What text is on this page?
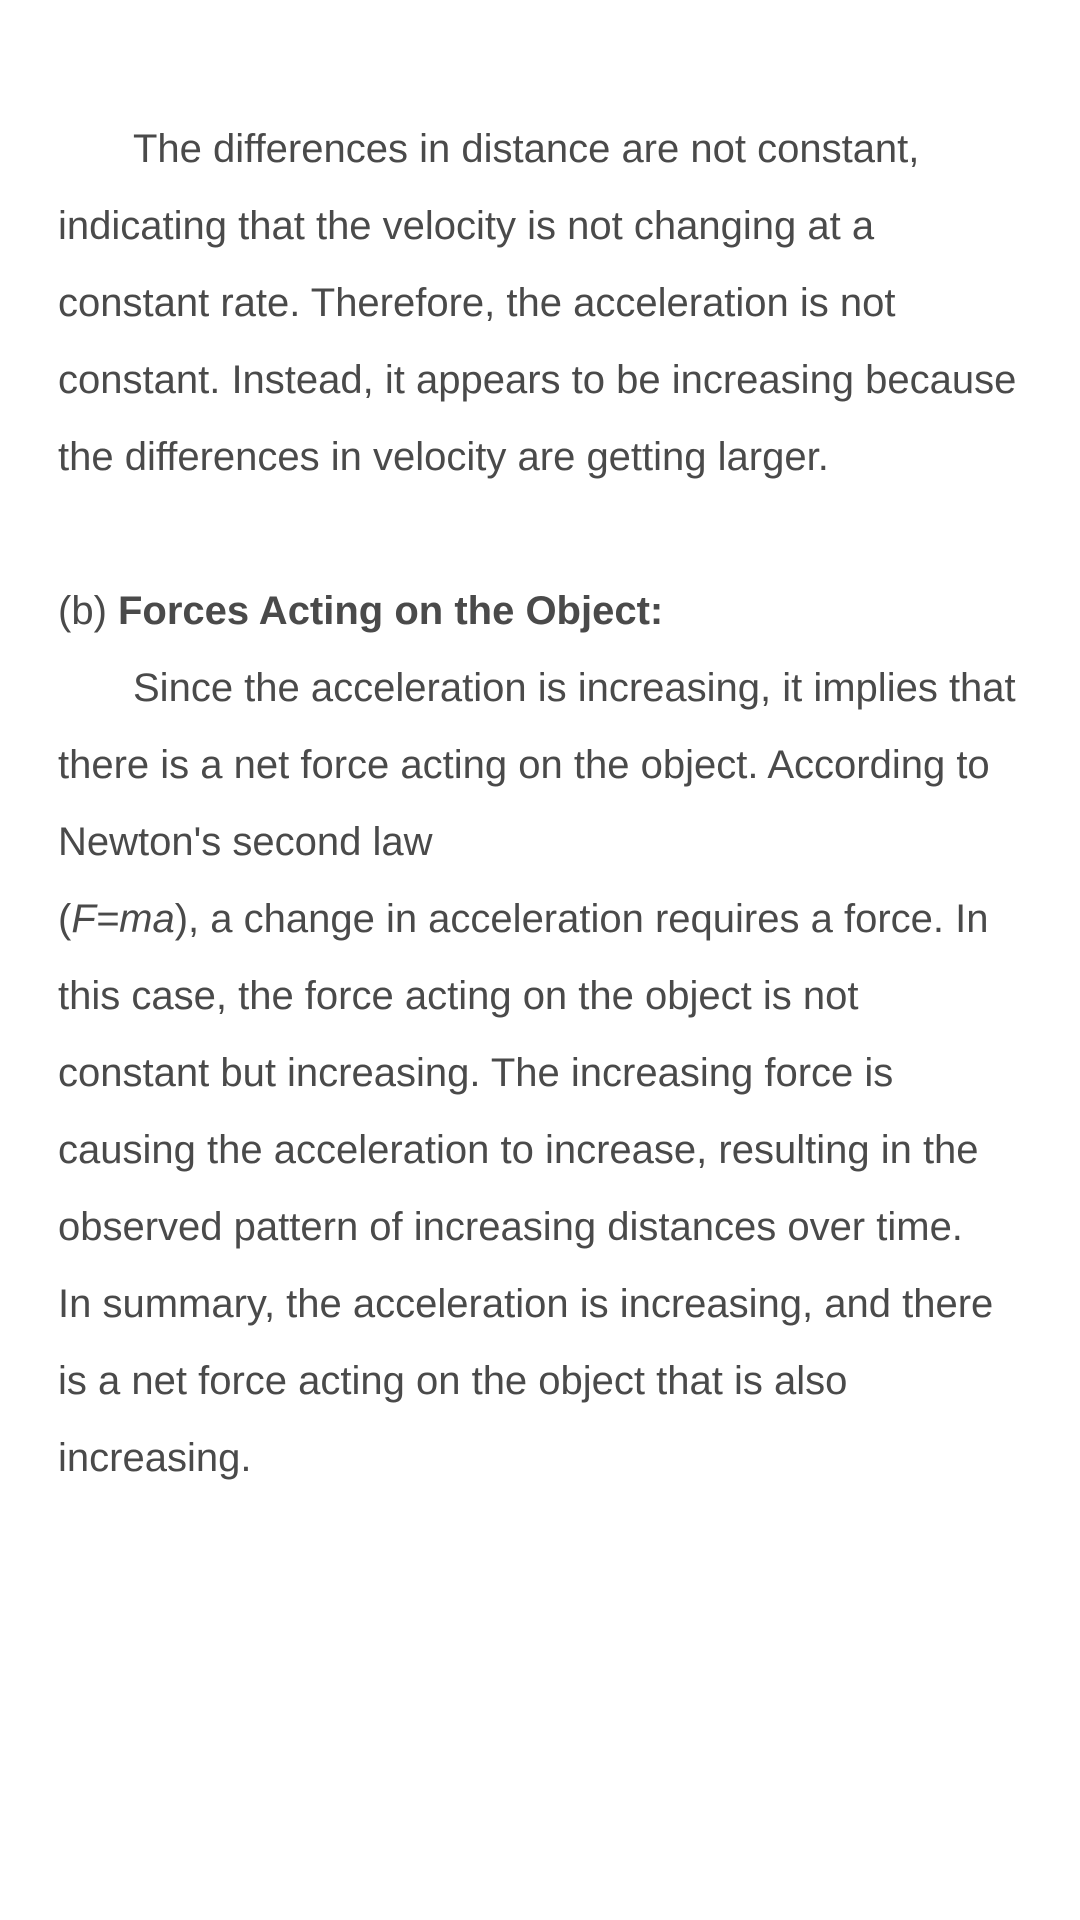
The differences in distance are not constant, indicating that the velocity is not changing at a constant rate. Therefore, the acceleration is not constant. Instead, it appears to be increasing because the differences in velocity are getting larger.

(b) Forces Acting on the Object:

Since the acceleration is increasing, it implies that there is a net force acting on the object. According to Newton's second law
(F=ma), a change in acceleration requires a force. In this case, the force acting on the object is not constant but increasing. The increasing force is causing the acceleration to increase, resulting in the observed pattern of increasing distances over time.

In summary, the acceleration is increasing, and there is a net force acting on the object that is also increasing.
